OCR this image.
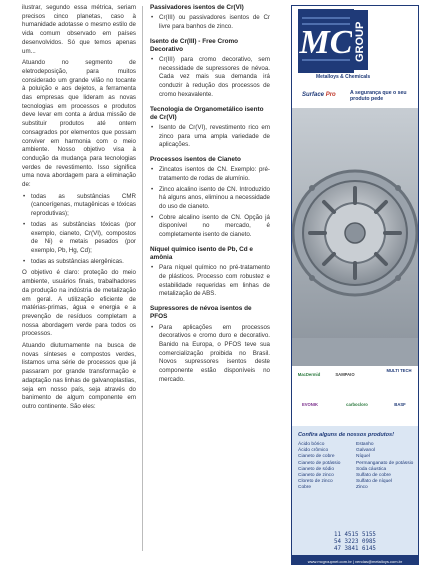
ilustrar, segundo essa métrica, seriam precisos cinco planetas, caso à humanidade adotasse o mesmo estilo de vida comum observado em países desenvolvidos. Só que temos apenas um...

Atuando no segmento de eletrodeposição, para muitos considerado um grande vilão no tocante à poluição e aos dejetos, a ferramenta das empresas que lideram as novas tecnologias em processos e produtos deve levar em conta a árdua missão de substituir produtos até ontem consagrados por elementos que possam conviver em harmonia com o meio ambiente. Nosso objetivo visa à condução da mudança para tecnologias verdes de revestimento. Isso significa uma nova abordagem para a eliminação de:

• todas as substâncias CMR (cancerígenas, mutagênicas e tóxicas reprodutivas);
• todas as substâncias tóxicas (por exemplo, cianeto, Cr(VI), compostos de Ni) e metais pesados (por exemplo, Pb, Hg, Cd);
• todas as substâncias alergênicas.

O objetivo é claro: proteção do meio ambiente, usuários finais, trabalhadores da produção na indústria de metalização em geral. A utilização eficiente de matérias-primas, água e energia e a prevenção de resíduos completam a nossa abordagem verde para todos os processos.

Atuando diuturnamente na busca de novas sínteses e compostos verdes, listamos uma série de processos que já passaram por grande transformação e adaptação nas linhas de galvanoplastias, seja em nosso país, seja através do banimento de algum componente em outro continente. São eles:

Passivadores isentos de Cr(VI)
• Cr(III) ou passivadores isentos de Cr livre para banhos de zinco.
Isento de Cr(III) - Free Cromo Decorativo
• Cr(III) para cromo decorativo, sem necessidade de supressores de névoa. Cada vez mais sua demanda irá conduzir à redução dos processos de cromo hexavalente.
Tecnologia de Organometálico isento de Cr(VI)
• Isento de Cr(VI), revestimento rico em zinco para uma ampla variedade de aplicações.
Processos isentos de Cianeto
• Zincatos isentos de CN. Exemplo: pré-tratamento de rodas de alumínio.
• Zinco alcalino isento de CN. Introduzido há alguns anos, eliminou a necessidade do uso de cianeto.
• Cobre alcalino isento de CN. Opção já disponível no mercado, é completamente isento de cianeto.
Níquel químico isento de Pb, Cd e amônia
• Para níquel químico no pré-tratamento de plásticos. Processo com robustez e estabilidade requeridas em linhas de metalização de ABS.
Supressores de névoa isentos de PFOS
• Para aplicações em processos decorativos e cromo duro e decorativo. Banido na Europa, o PFOS teve sua comercialização proibida no Brasil. Novos supressores isentos deste componente estão disponíveis no mercado.
MC GROUP
Metalloys & Chemicals
Surface Pro	A segurança que o seu produto pede
MacDermid	SAMPAIO
MULTI TECH
EVONIK	carbocloro	BASF
Confira alguns de nossos produtos!
Ácido bórico	Estanho
Ácido crômico	Galvanol
Cianeto de cobre	Níquel
Cianeto de potássio	Permanganato de potássio
Cianeto de sódio	Soda cáustica
Cianeto de zinco	Sulfato de cobre
Cloreto de zinco	Sulfato de níquel
Cobre	Zinco
11 4515 5155
54 3223 0985
47 3841 6145
www.mcgroupnet.com.br | vendas@metalloys.com.br
